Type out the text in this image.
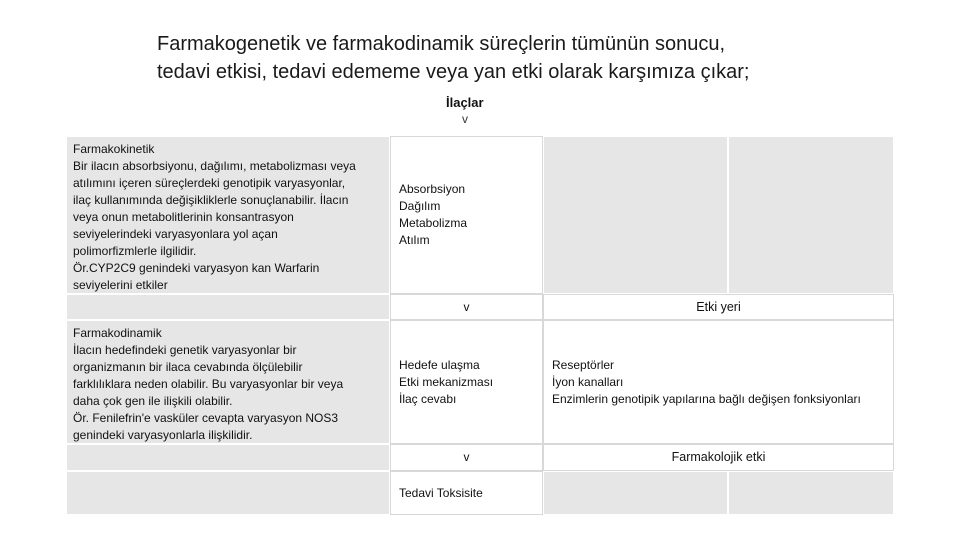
Farmakogenetik ve farmakodinamik süreçlerin tümünün sonucu,
tedavi etkisi, tedavi edememe veya yan etki olarak karşımıza çıkar;
İlaçlar
v
Farmakokinetik
Bir ilacın absorbsiyonu, dağılımı, metabolizması veya
atılımını içeren süreçlerdeki genotipik varyasyonlar,
ilaç kullanımında değişikliklerle sonuçlanabilir. İlacın
veya onun metabolitlerinin konsantrasyon
seviyelerindeki varyasyonlara yol açan
polimorfizmlerle ilgilidir.
Ör.CYP2C9 genindeki varyasyon kan Warfarin
seviyelerini etkiler
Absorbsiyon
Dağılım
Metabolizma
Atılım
v	Etki yeri
Farmakodinamik
İlacın hedefindeki genetik varyasyonlar bir
organizmanın bir ilaca cevabında ölçülebilir
farklılıklara neden olabilir. Bu varyasyonlar bir veya
daha çok gen ile ilişkili olabilir.
Ör. Fenilefrin'e vasküler cevapta varyasyon NOS3
genindeki varyasyonlarla ilişkilidir.
Hedefe ulaşma
Etki mekanizması
İlaç cevabı
Reseptörler
İyon kanalları
Enzimlerin genotipik yapılarına bağlı değişen fonksiyonları
v	Farmakolojik etki
Tedavi Toksisite
